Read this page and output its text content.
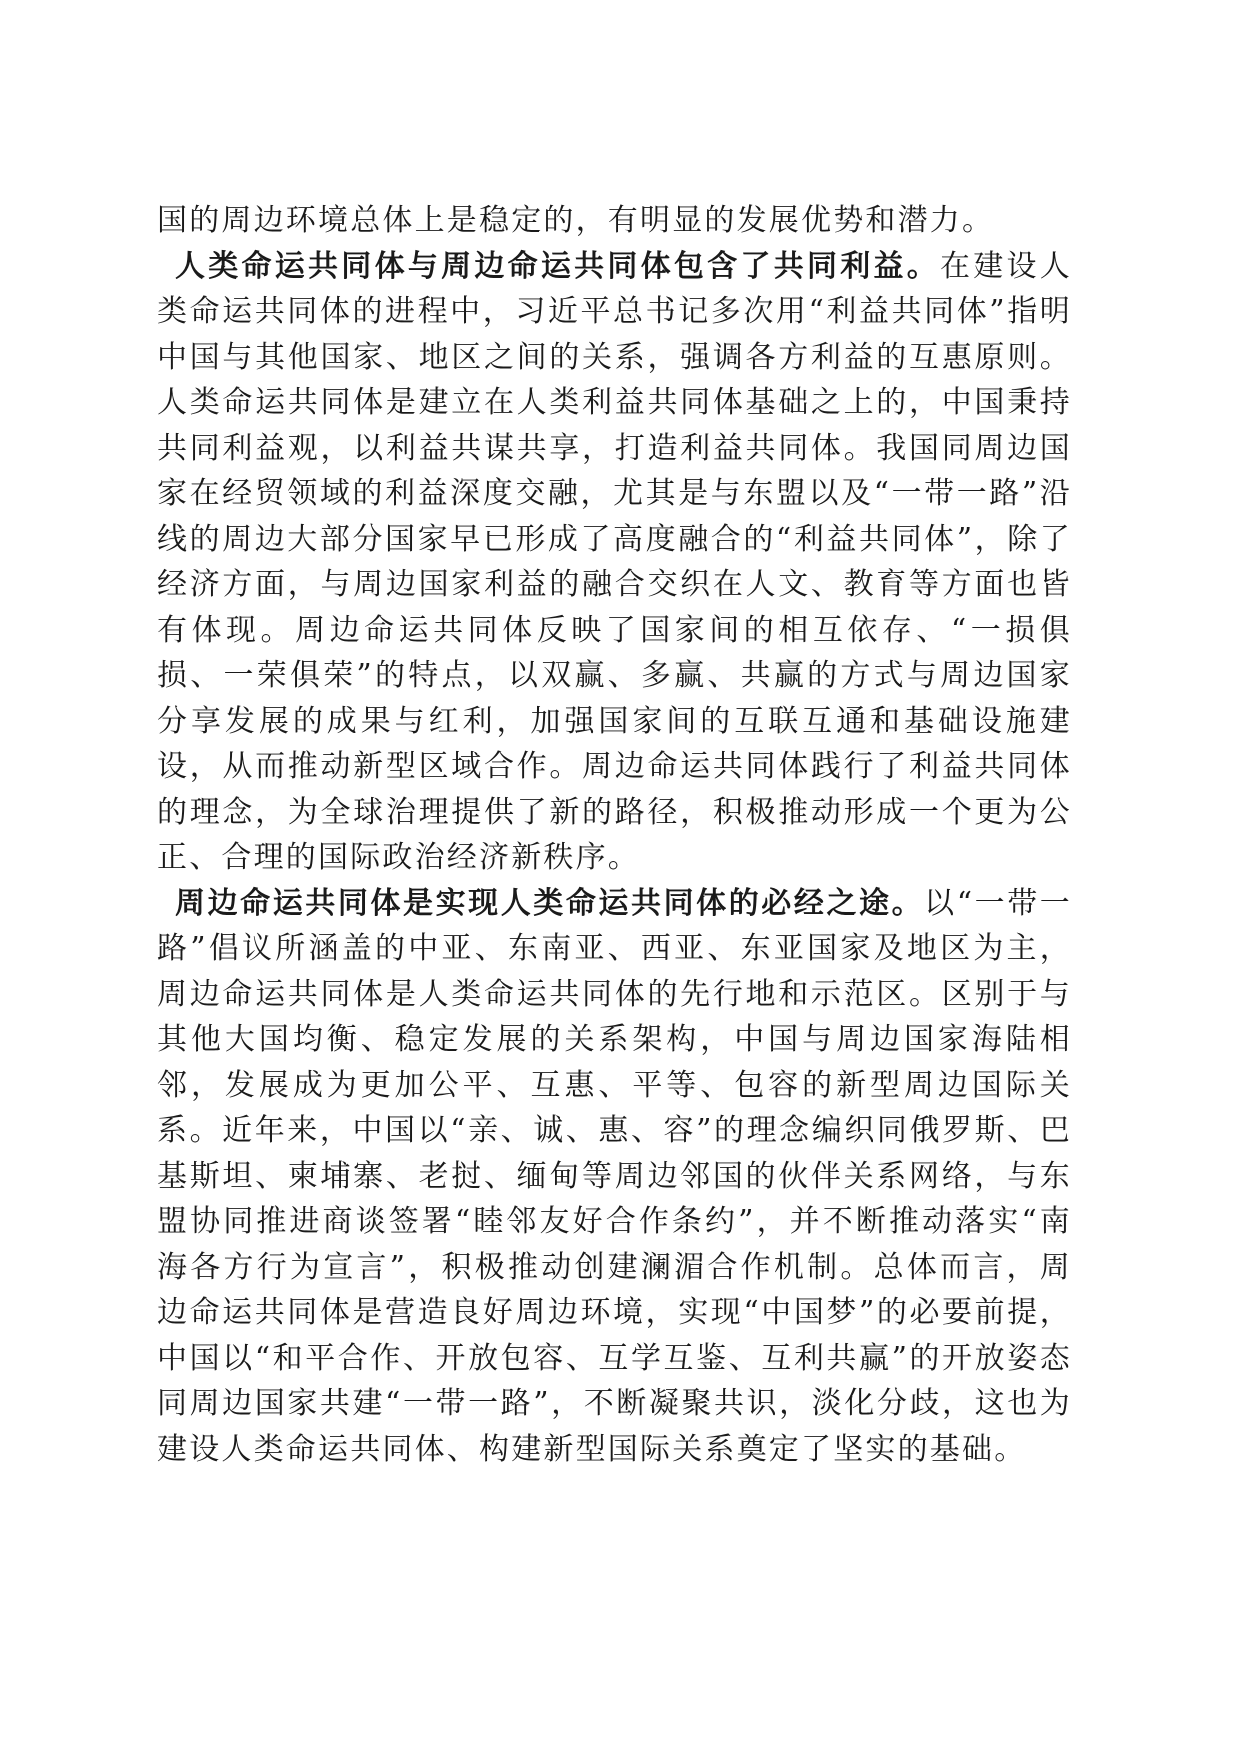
国的周边环境总体上是稳定的，有明显的发展优势和潜力。

人类命运共同体与周边命运共同体包含了共同利益。在建设人类命运共同体的进程中，习近平总书记多次用“利益共同体”指明中国与其他国家、地区之间的关系，强调各方利益的互惠原则。人类命运共同体是建立在人类利益共同体基础之上的，中国秉持共同利益观，以利益共谋共享，打造利益共同体。我国同周边国家在经贸领域的利益深度交融，尤其是与东盟以及“一带一路”沿线的周边大部分国家早已形成了高度融合的“利益共同体”，除了经济方面，与周边国家利益的融合交织在人文、教育等方面也皆有体现。周边命运共同体反映了国家间的相互依存、“一损俱损、一荣俱荣”的特点，以双赢、多赢、共赢的方式与周边国家分享发展的成果与红利，加强国家间的互联互通和基础设施建设，从而推动新型区域合作。周边命运共同体践行了利益共同体的理念，为全球治理提供了新的路径，积极推动形成一个更为公正、合理的国际政治经济新秩序。

周边命运共同体是实现人类命运共同体的必经之途。以“一带一路”倡议所涵盖的中亚、东南亚、西亚、东亚国家及地区为主，周边命运共同体是人类命运共同体的先行地和示范区。区别于与其他大国均衡、稳定发展的关系架构，中国与周边国家海陆相邻，发展成为更加公平、互惠、平等、包容的新型周边国际关系。近年来，中国以“亲、诚、惠、容”的理念编织同俄罗斯、巴基斯坦、柬埔寨、老挝、缅甸等周边邻国的伙伴关系网络，与东盟协同推进商谈签署“睦邻友好合作条约”，并不断推动落实“南海各方行为宣言”，积极推动创建澜湄合作机制。总体而言，周边命运共同体是营造良好周边环境，实现“中国梦”的必要前提，中国以“和平合作、开放包容、互学互鉴、互利共赢”的开放姿态同周边国家共建“一带一路”，不断凝聚共识，淡化分歧，这也为建设人类命运共同体、构建新型国际关系奠定了坚实的基础。
